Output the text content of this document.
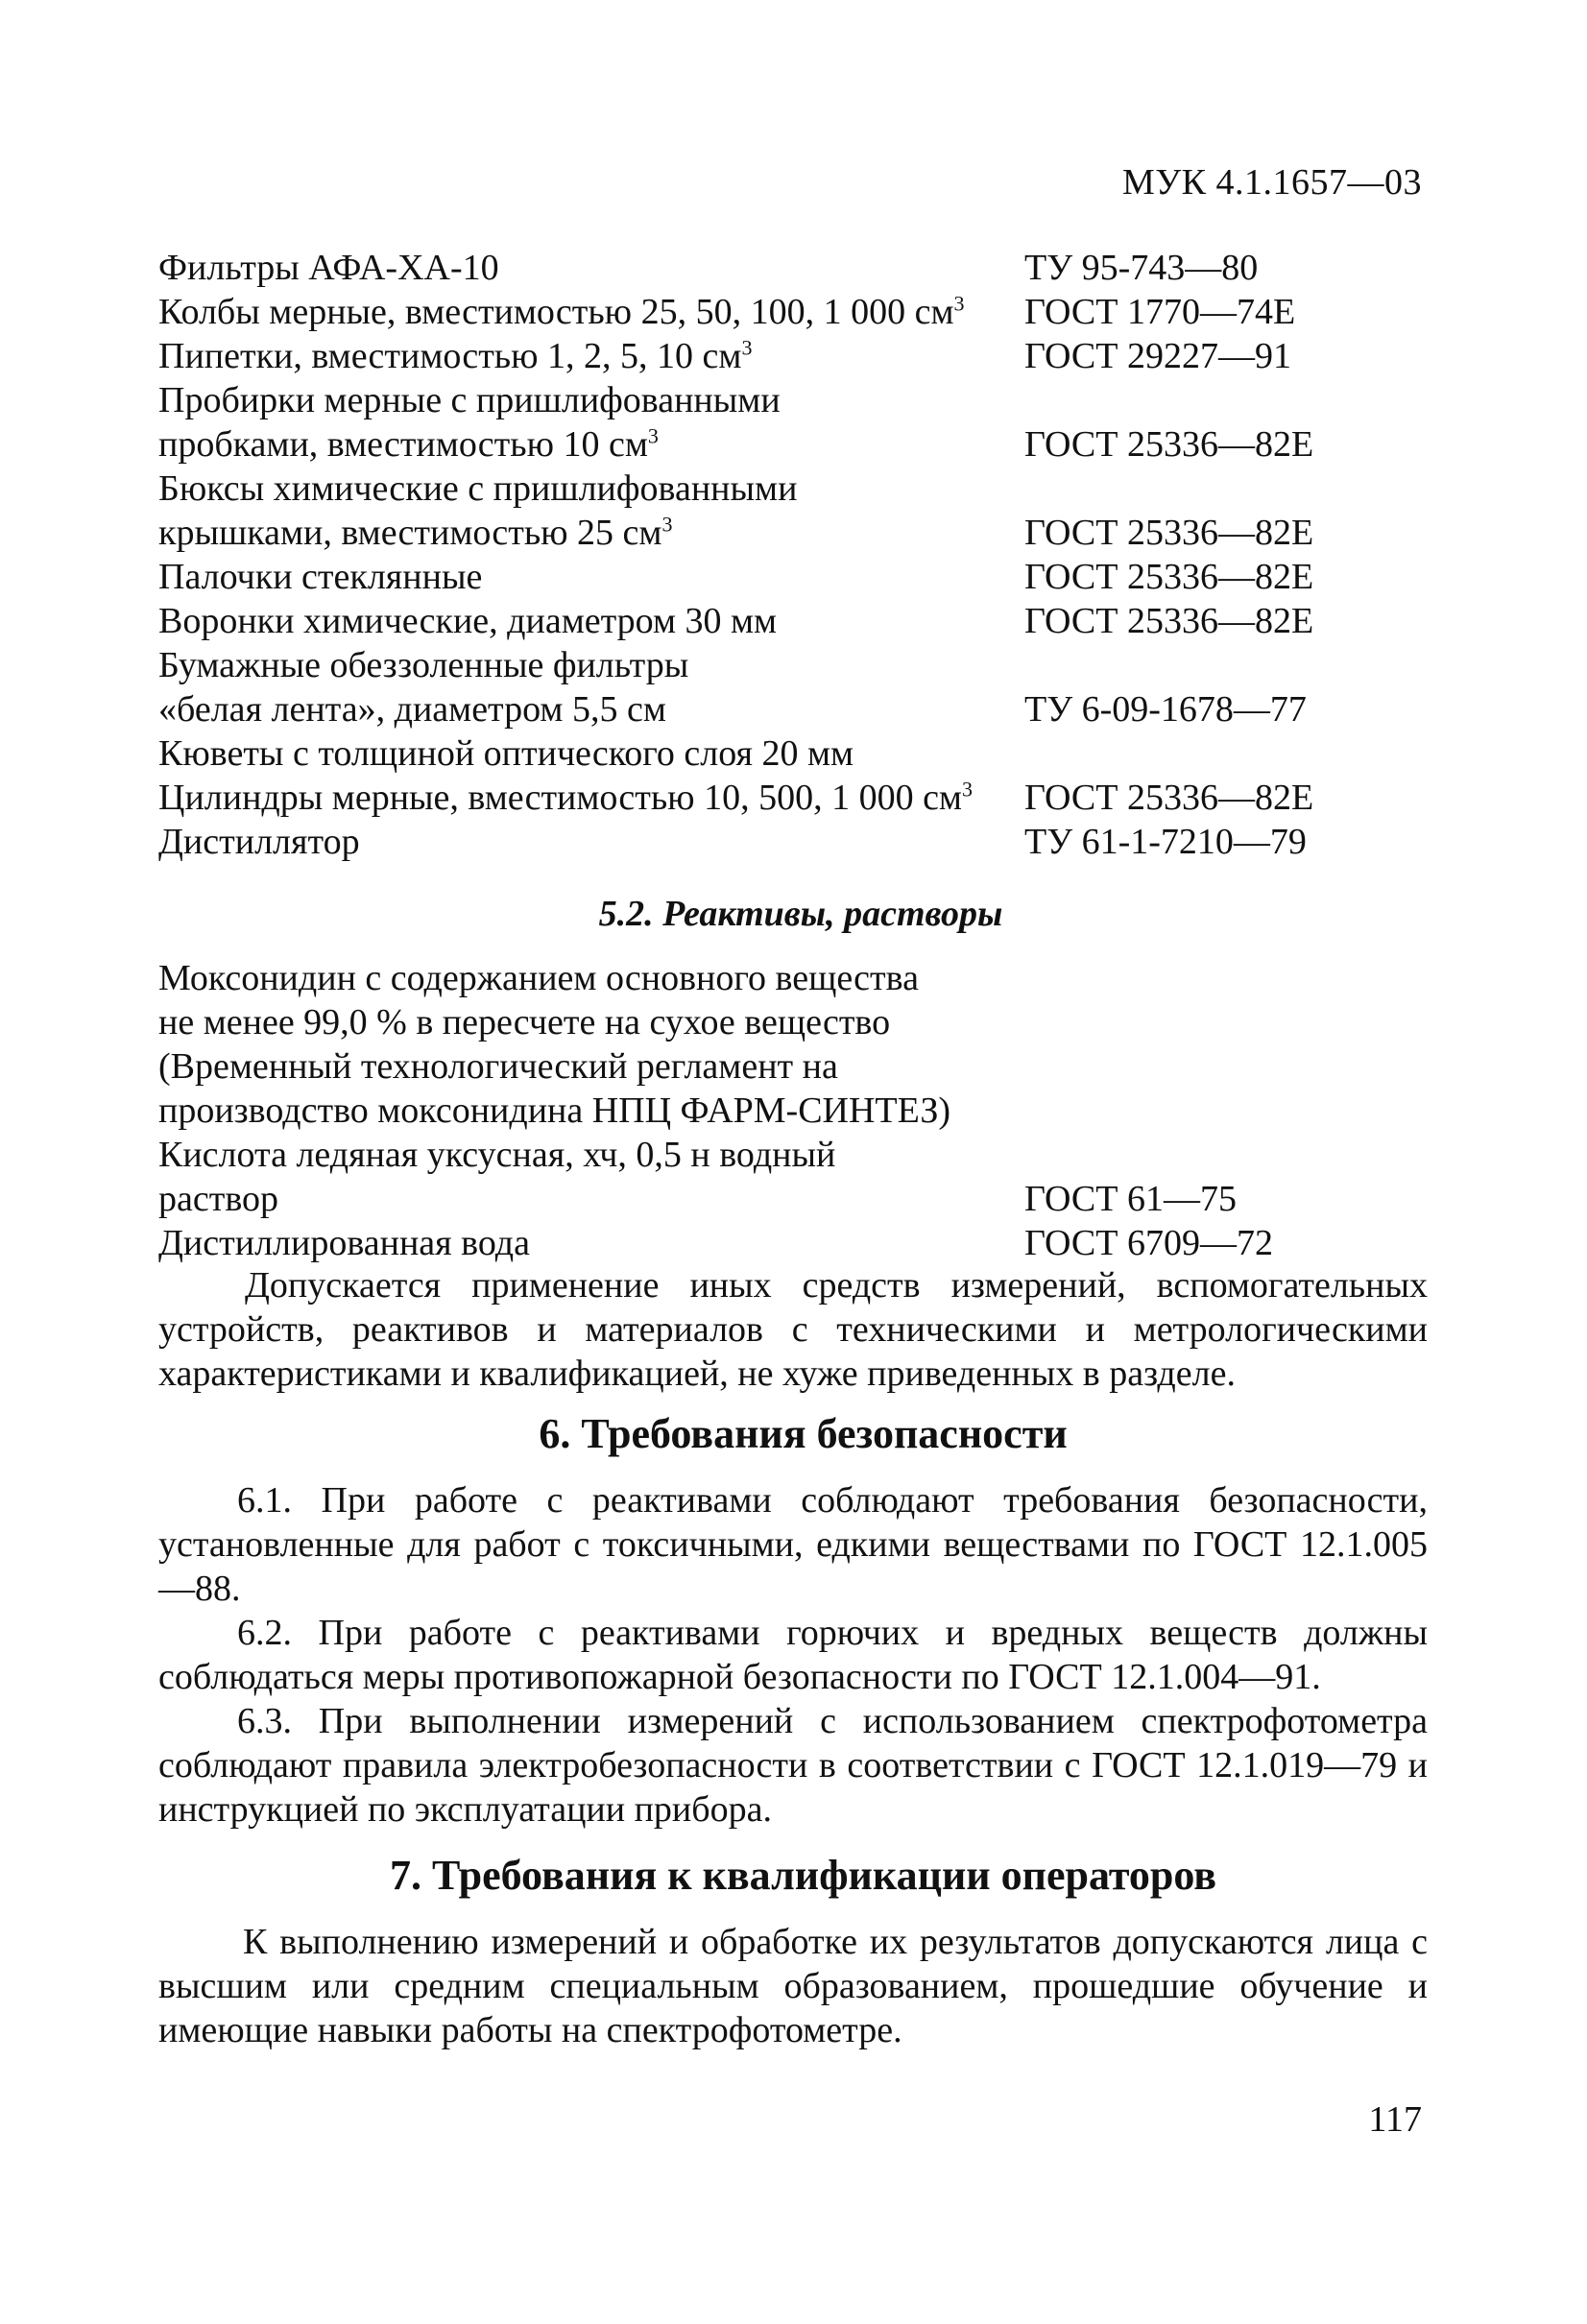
МУК 4.1.1657—03
Фильтры АФА-ХА-10	ТУ 95-743—80
Колбы мерные, вместимостью 25, 50, 100, 1 000 $см^3$ ГОСТ 1770—74Е
Пипетки, вместимостью 1, 2, 5, 10 $см^3$	ГОСТ 29227—91
Пробирки мерные с пришлифованными
пробками, вместимостью 10 $см^3$	ГОСТ 25336—82Е
Бюксы химические с пришлифованными
крышками, вместимостью 25 $см^3$	ГОСТ 25336—82Е
Палочки стеклянные	ГОСТ 25336—82Е
Воронки химические, диаметром 30 мм	ГОСТ 25336—82Е
Бумажные обеззоленные фильтры
«белая лента», диаметром 5,5 см	ТУ 6-09-1678—77
Кюветы с толщиной оптического слоя 20 мм
Цилиндры мерные, вместимостью 10, 500, 1 000 $см^3$ ГОСТ 25336—82Е
Дистиллятор	ТУ 61-1-7210—79
5.2. Реактивы, растворы
Моксонидин с содержанием основного вещества
не менее 99,0 % в пересчете на сухое вещество
(Временный технологический регламент на
производство моксонидина НПЦ ФАРМ-СИНТЕЗ)
Кислота ледяная уксусная, хч, 0,5 н водный
раствор	ГОСТ 61—75
Дистиллированная вода	ГОСТ 6709—72

Допускается применение иных средств измерений, вспомогательных устройств, реактивов и материалов с техническими и метрологическими характеристиками и квалификацией, не хуже приведенных в разделе.

6. Требования безопасности

6.1. При работе с реактивами соблюдают требования безопасности, установленные для работ с токсичными, едкими веществами по ГОСТ 12.1.005—88.

6.2. При работе с реактивами горючих и вредных веществ должны соблюдаться меры противопожарной безопасности по ГОСТ 12.1.004—91.

6.3. При выполнении измерений с использованием спектрофотометра соблюдают правила электробезопасности в соответствии с ГОСТ 12.1.019—79 и инструкцией по эксплуатации прибора.

7. Требования к квалификации операторов

К выполнению измерений и обработке их результатов допускаются лица с высшим или средним специальным образованием, прошедшие обучение и имеющие навыки работы на спектрофотометре.

117
